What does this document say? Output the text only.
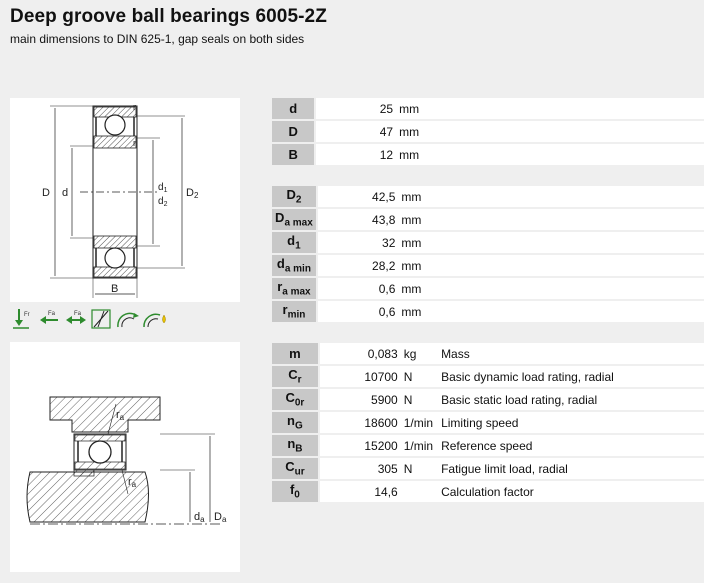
Deep groove ball bearings 6005-2Z
main dimensions to DIN 625-1, gap seals on both sides
r
r
D d	$d_1$
$d_2$
D2
B
Fr	Fa	Fa
ra
ra
da Da
d		25	mm	
D		47	mm	
B		12	mm	
$D_2$		42,5	mm	
$D_{a max}$		43,8	mm	
$d_1$		32	mm	
$d_{a min}$		28,2	mm	
$r_{a max}$		0,6	mm	
$r_{min}$		0,6	mm	
m		0,083	kg	Mass
$C_r$		10700	N	Basic dynamic load rating, radial
$C_{0r}$		5900	N	Basic static load rating, radial
$n_G$		18600	1/min	Limiting speed
$n_B$		15200	1/min	Reference speed
$C_{ur}$		305	N	Fatigue limit load, radial
$f_0$		14,6		Calculation factor
